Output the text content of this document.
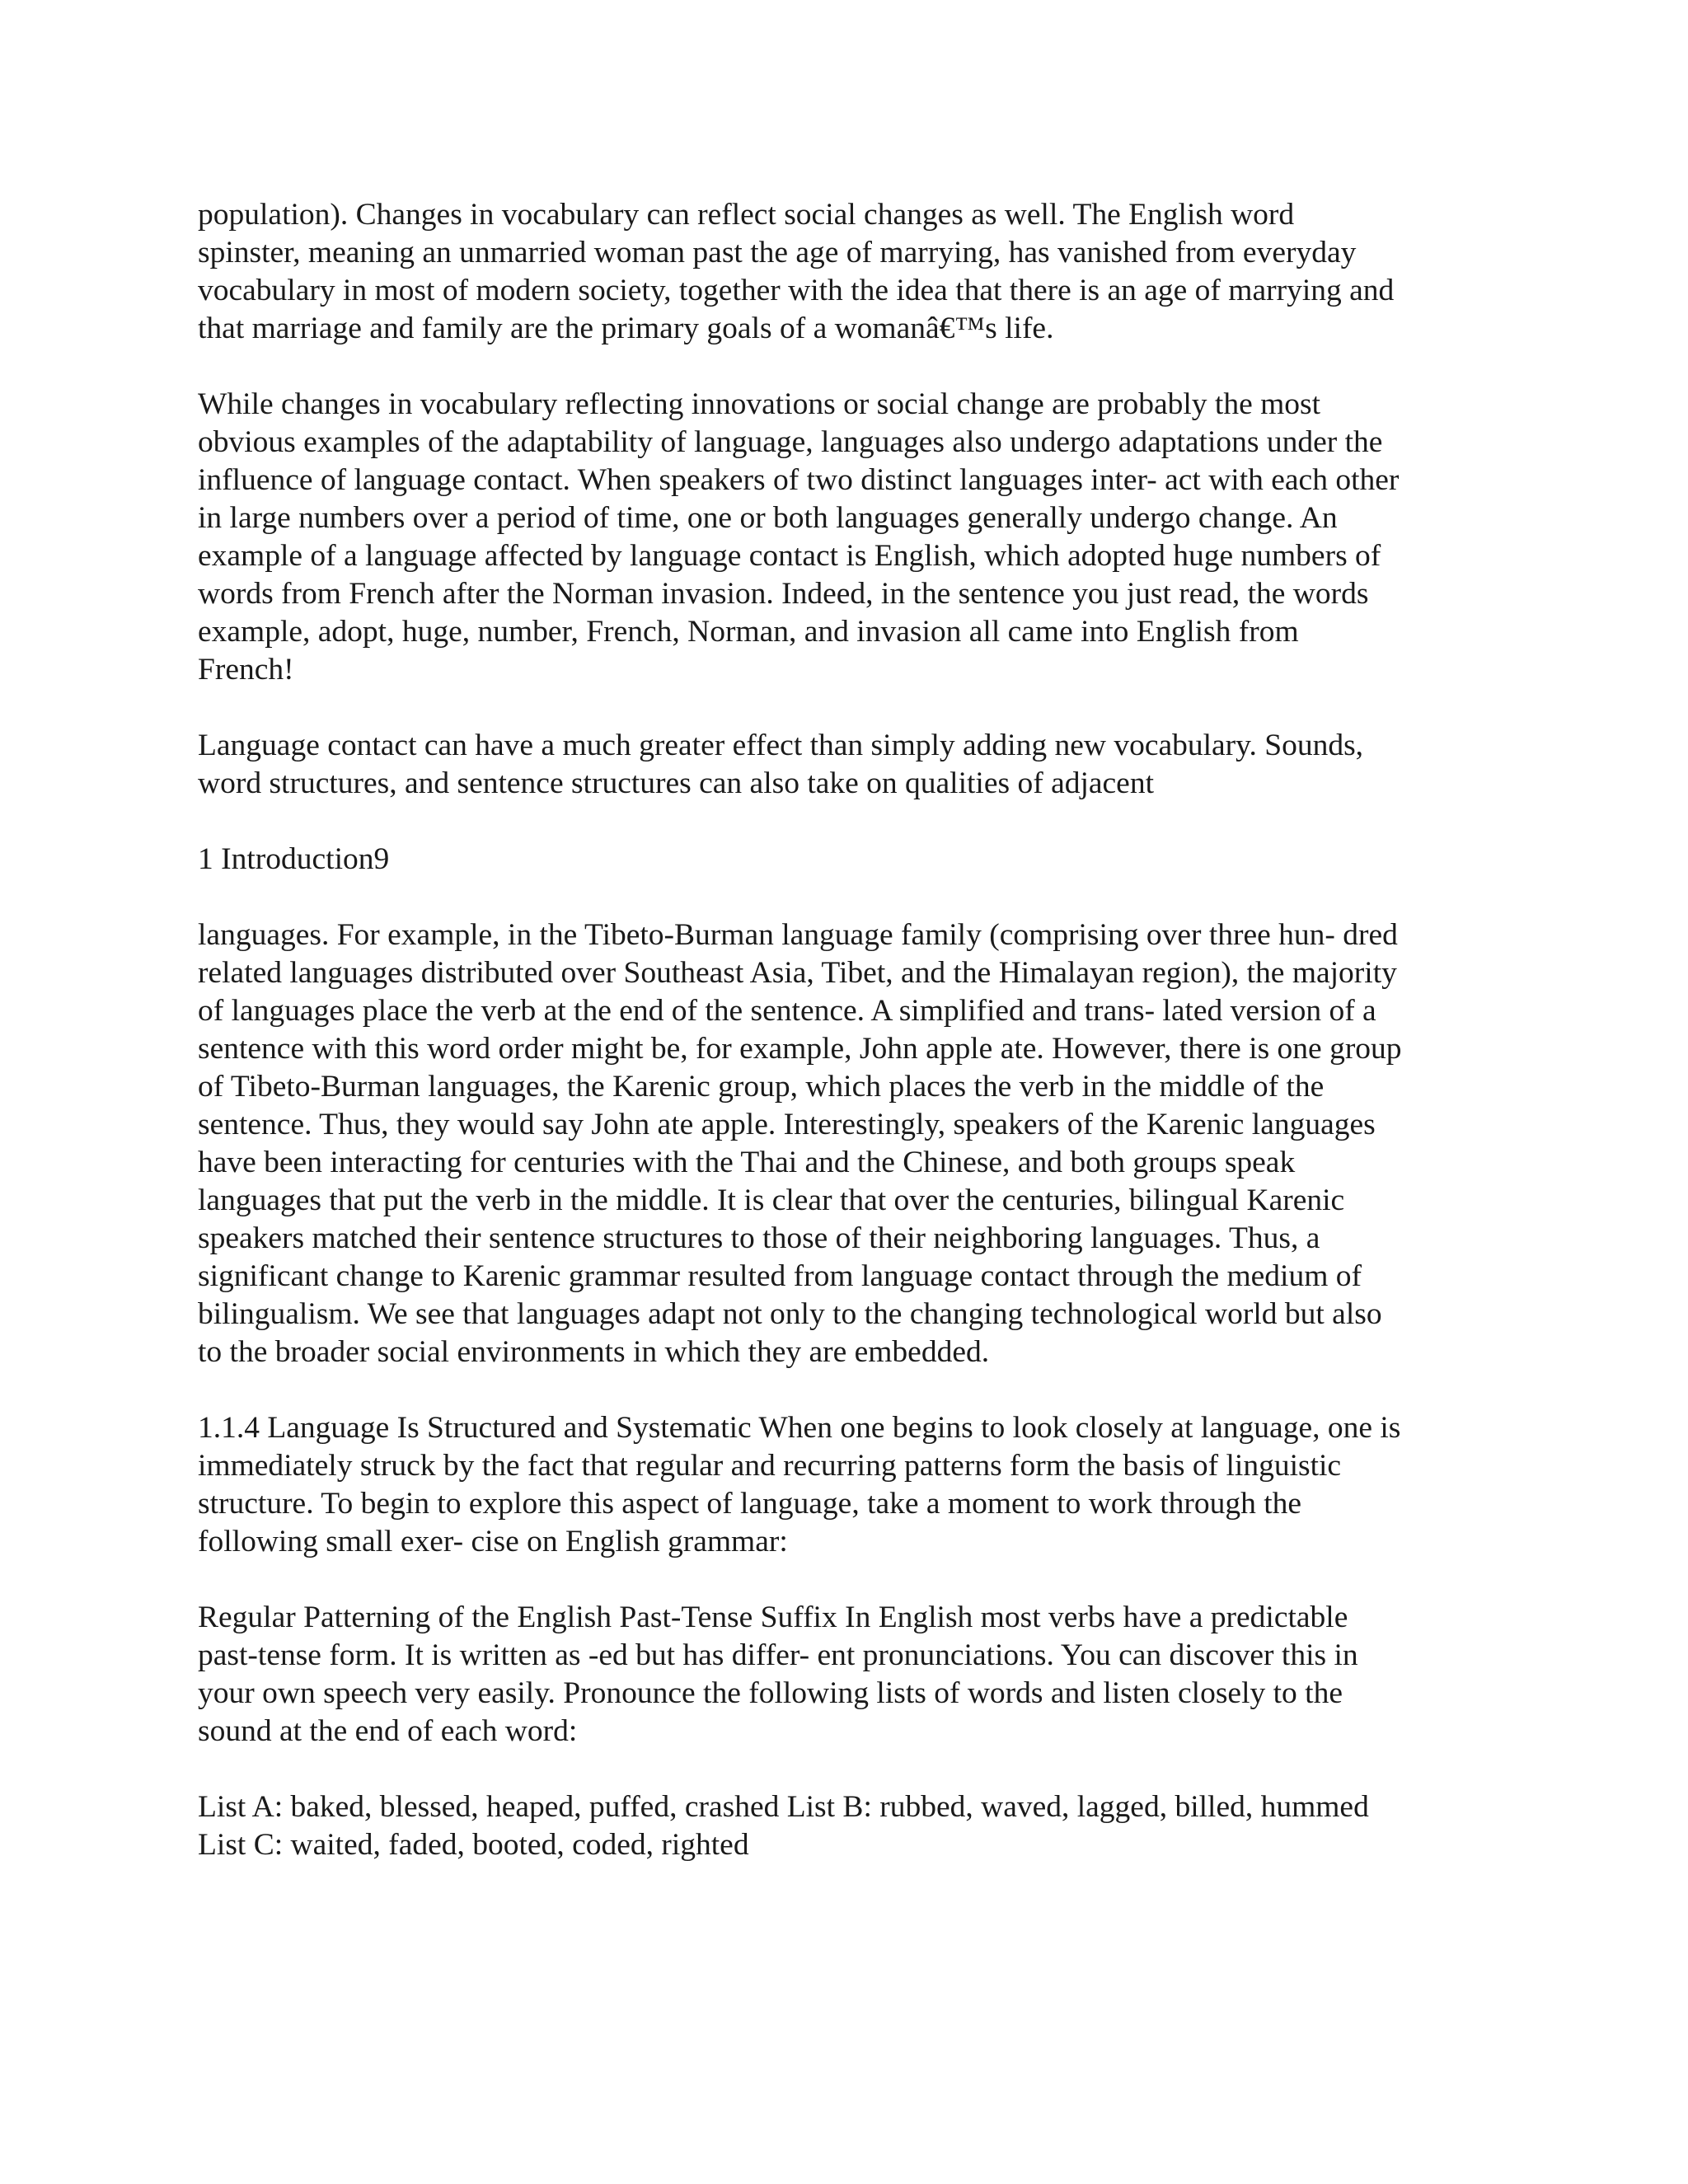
population). Changes in vocabulary can reflect social changes as well. The English word
spinster, meaning an unmarried woman past the age of marrying, has vanished from everyday
vocabulary in most of modern society, together with the idea that there is an age of marrying and
that marriage and family are the primary goals of a womanâ€™s life.

While changes in vocabulary reflecting innovations or social change are probably the most
obvious examples of the adaptability of language, languages also undergo adaptations under the
influence of language contact. When speakers of two distinct languages inter- act with each other
in large numbers over a period of time, one or both languages generally undergo change. An
example of a language affected by language contact is English, which adopted huge numbers of
words from French after the Norman invasion. Indeed, in the sentence you just read, the words
example, adopt, huge, number, French, Norman, and invasion all came into English from
French!

Language contact can have a much greater effect than simply adding new vocabulary. Sounds,
word structures, and sentence structures can also take on qualities of adjacent

1 Introduction9

languages. For example, in the Tibeto-Burman language family (comprising over three hun- dred
related languages distributed over Southeast Asia, Tibet, and the Himalayan region), the majority
of languages place the verb at the end of the sentence. A simplified and trans- lated version of a
sentence with this word order might be, for example, John apple ate. However, there is one group
of Tibeto-Burman languages, the Karenic group, which places the verb in the middle of the
sentence. Thus, they would say John ate apple. Interestingly, speakers of the Karenic languages
have been interacting for centuries with the Thai and the Chinese, and both groups speak
languages that put the verb in the middle. It is clear that over the centuries, bilingual Karenic
speakers matched their sentence structures to those of their neighboring languages. Thus, a
significant change to Karenic grammar resulted from language contact through the medium of
bilingualism. We see that languages adapt not only to the changing technological world but also
to the broader social environments in which they are embedded.

1.1.4 Language Is Structured and Systematic When one begins to look closely at language, one is
immediately struck by the fact that regular and recurring patterns form the basis of linguistic
structure. To begin to explore this aspect of language, take a moment to work through the
following small exer- cise on English grammar:

Regular Patterning of the English Past-Tense Suffix In English most verbs have a predictable
past-tense form. It is written as -ed but has differ- ent pronunciations. You can discover this in
your own speech very easily. Pronounce the following lists of words and listen closely to the
sound at the end of each word:

List A: baked, blessed, heaped, puffed, crashed List B: rubbed, waved, lagged, billed, hummed
List C: waited, faded, booted, coded, righted
